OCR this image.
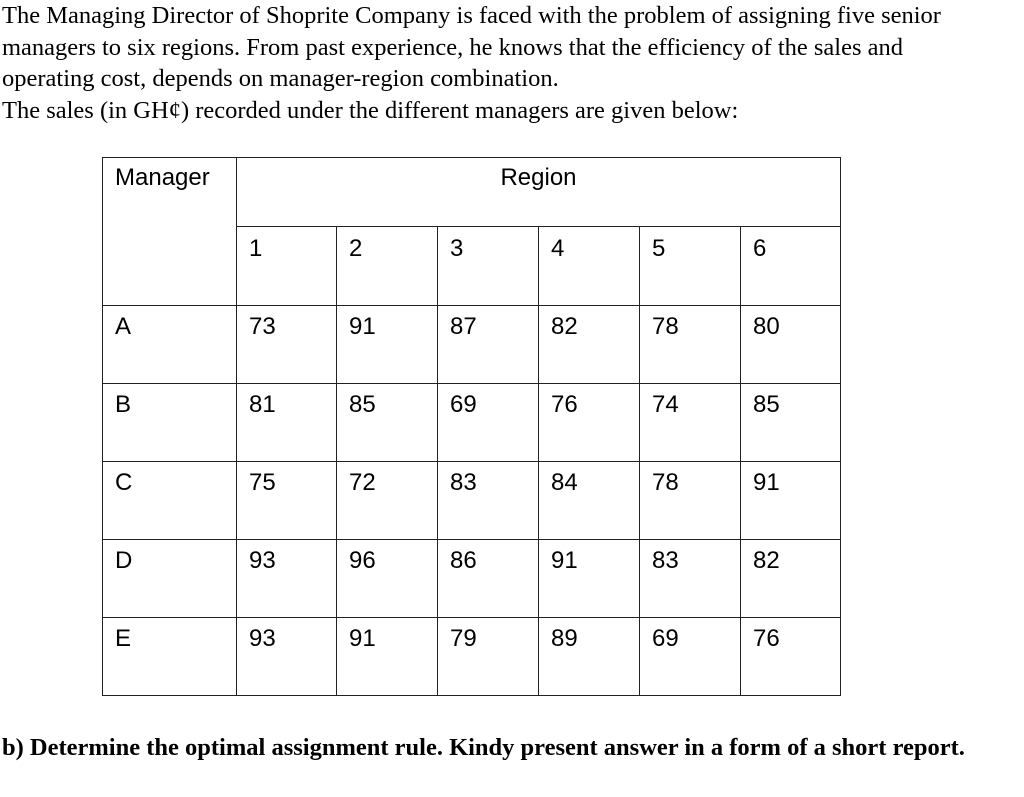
The Managing Director of Shoprite Company is faced with the problem of assigning five senior

managers to six regions. From past experience, he knows that the efficiency of the sales and

operating cost, depends on manager-region combination.

The sales (in GH¢) recorded under the different managers are given below:

Manager	Region					
	1	2	3	4	5	6
A	73	91	87	82	78	80
B	81	85	69	76	74	85
C	75	72	83	84	78	91
D	93	96	86	91	83	82
E	93	91	79	89	69	76

b) Determine the optimal assignment rule. Kindy present answer in a form of a short report.
